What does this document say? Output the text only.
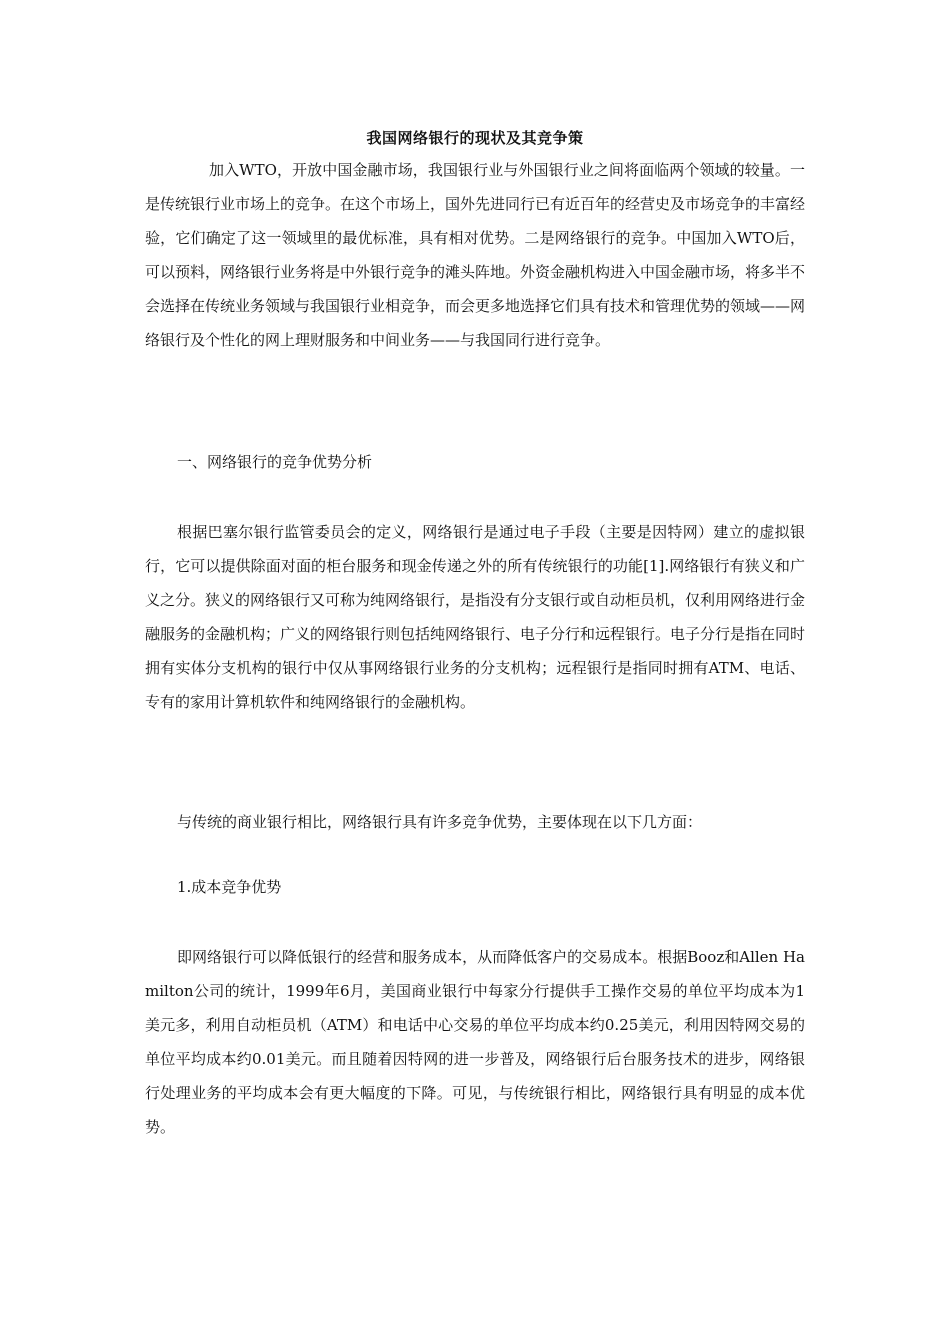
我国网络银行的现状及其竞争策

加入WTO，开放中国金融市场，我国银行业与外国银行业之间将面临两个领域的较量。一是传统银行业市场上的竞争。在这个市场上，国外先进同行已有近百年的经营史及市场竞争的丰富经验，它们确定了这一领域里的最优标准，具有相对优势。二是网络银行的竞争。中国加入WTO后，可以预料，网络银行业务将是中外银行竞争的滩头阵地。外资金融机构进入中国金融市场，将多半不会选择在传统业务领域与我国银行业相竞争，而会更多地选择它们具有技术和管理优势的领域——网络银行及个性化的网上理财服务和中间业务——与我国同行进行竞争。

一、网络银行的竞争优势分析

根据巴塞尔银行监管委员会的定义，网络银行是通过电子手段（主要是因特网）建立的虚拟银行，它可以提供除面对面的柜台服务和现金传递之外的所有传统银行的功能[1].网络银行有狭义和广义之分。狭义的网络银行又可称为纯网络银行，是指没有分支银行或自动柜员机，仅利用网络进行金融服务的金融机构；广义的网络银行则包括纯网络银行、电子分行和远程银行。电子分行是指在同时拥有实体分支机构的银行中仅从事网络银行业务的分支机构；远程银行是指同时拥有ATM、电话、专有的家用计算机软件和纯网络银行的金融机构。

与传统的商业银行相比，网络银行具有许多竞争优势，主要体现在以下几方面：

1.成本竞争优势

即网络银行可以降低银行的经营和服务成本，从而降低客户的交易成本。根据Booz和Allen Hamilton公司的统计，1999年6月，美国商业银行中每家分行提供手工操作交易的单位平均成本为1美元多，利用自动柜员机（ATM）和电话中心交易的单位平均成本约0.25美元，利用因特网交易的单位平均成本约0.01美元。而且随着因特网的进一步普及，网络银行后台服务技术的进步，网络银行处理业务的平均成本会有更大幅度的下降。可见，与传统银行相比，网络银行具有明显的成本优势。
